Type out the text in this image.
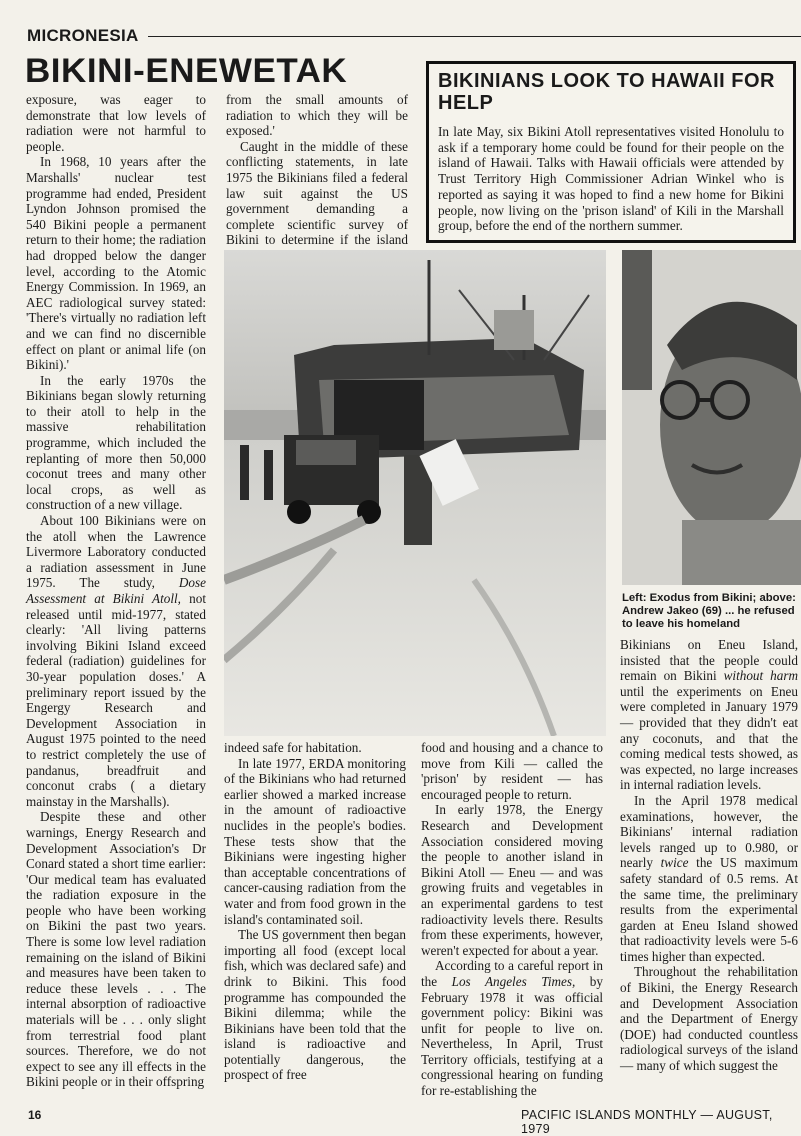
MICRONESIA
BIKINI-ENEWETAK

exposure, was eager to demonstrate that low levels of radiation were not harmful to people.

In 1968, 10 years after the Marshalls' nuclear test programme had ended, President Lyndon Johnson promised the 540 Bikini people a permanent return to their home; the radiation had dropped below the danger level, according to the Atomic Energy Commission. In 1969, an AEC radiological survey stated: 'There's virtually no radiation left and we can find no discernible effect on plant or animal life (on Bikini).'

In the early 1970s the Bikinians began slowly returning to their atoll to help in the massive rehabilitation programme, which included the replanting of more then 50,000 coconut trees and many other local crops, as well as construction of a new village.

About 100 Bikinians were on the atoll when the Lawrence Livermore Laboratory conducted a radiation assessment in June 1975. The study, Dose Assessment at Bikini Atoll, not released until mid-1977, stated clearly: 'All living patterns involving Bikini Island exceed federal (radiation) guidelines for 30-year population doses.' A preliminary report issued by the Engergy Research and Development Association in August 1975 pointed to the need to restrict completely the use of pandanus, breadfruit and conconut crabs ( a dietary mainstay in the Marshalls).

Despite these and other warnings, Energy Research and Development Association's Dr Conard stated a short time earlier: 'Our medical team has evaluated the radiation exposure in the people who have been working on Bikini the past two years. There is some low level radiation remaining on the island of Bikini and measures have been taken to reduce these levels . . . The internal absorption of radioactive materials will be . . . only slight from terrestrial food plant sources. Therefore, we do not expect to see any ill effects in the Bikini people or in their offspring

from the small amounts of radiation to which they will be exposed.'

Caught in the middle of these conflicting statements, in late 1975 the Bikinians filed a federal law suit against the US government demanding a complete scientific survey of Bikini to determine if the island

BIKINIANS LOOK TO HAWAII FOR HELP

In late May, six Bikini Atoll representatives visited Honolulu to ask if a temporary home could be found for their people on the island of Hawaii. Talks with Hawaii officials were attended by Trust Territory High Commissioner Adrian Winkel who is reported as saying it was hoped to find a new home for Bikini people, now living on the 'prison island' of Kili in the Marshall group, before the end of the northern summer.

Left: Exodus from Bikini; above: Andrew Jakeo (69) ... he refused to leave his homeland

indeed safe for habitation.

In late 1977, ERDA monitoring of the Bikinians who had returned earlier showed a marked increase in the amount of radioactive nuclides in the people's bodies. These tests show that the Bikinians were ingesting higher than acceptable concentrations of cancer-causing radiation from the water and from food grown in the island's contaminated soil.

The US government then began importing all food (except local fish, which was declared safe) and drink to Bikini. This food programme has compounded the Bikini dilemma; while the Bikinians have been told that the island is radioactive and potentially dangerous, the prospect of free

food and housing and a chance to move from Kili — called the 'prison' by resident — has encouraged people to return.

In early 1978, the Energy Research and Development Association considered moving the people to another island in Bikini Atoll — Eneu — and was growing fruits and vegetables in an experimental gardens to test radioactivity levels there. Results from these experiments, however, weren't expected for about a year.

According to a careful report in the Los Angeles Times, by February 1978 it was official government policy: Bikini was unfit for people to live on. Nevertheless, In April, Trust Territory officials, testifying at a congressional hearing on funding for re-establishing the

Bikinians on Eneu Island, insisted that the people could remain on Bikini without harm until the experiments on Eneu were completed in January 1979 — provided that they didn't eat any coconuts, and that the coming medical tests showed, as was expected, no large increases in internal radiation levels.

In the April 1978 medical examinations, however, the Bikinians' internal radiation levels ranged up to 0.980, or nearly twice the US maximum safety standard of 0.5 rems. At the same time, the preliminary results from the experimental garden at Eneu Island showed that radioactivity levels were 5-6 times higher than expected.

Throughout the rehabilitation of Bikini, the Energy Research and Development Association and the Department of Energy (DOE) had conducted countless radiological surveys of the island — many of which suggest the

16	PACIFIC ISLANDS MONTHLY — AUGUST, 1979
